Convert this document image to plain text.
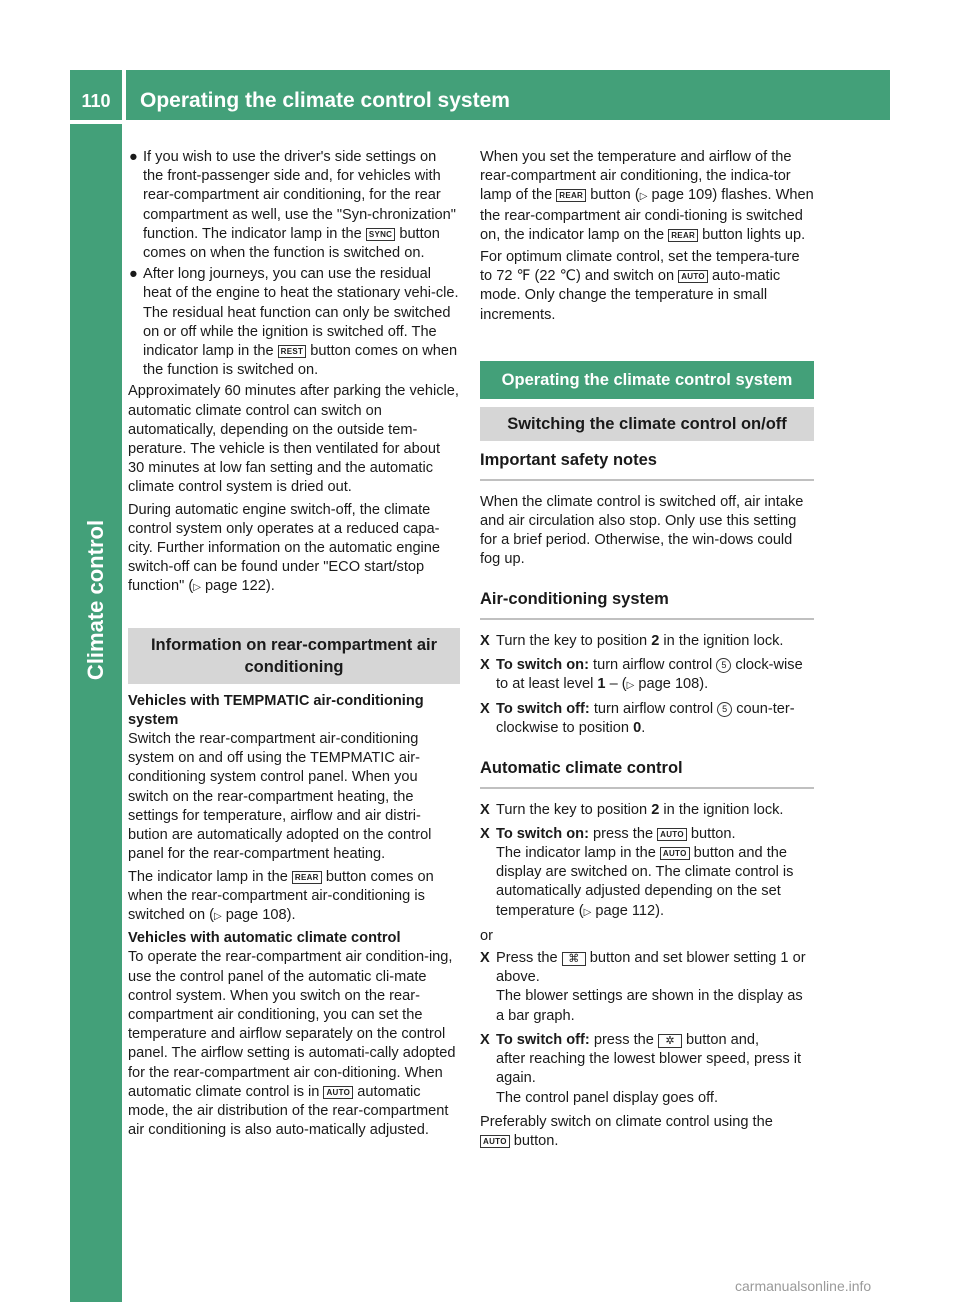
110	Operating the climate control system
Climate control
● If you wish to use the driver's side settings on the front-passenger side and, for vehicles with rear-compartment air conditioning, for the rear compartment as well, use the "Syn-chronization" function. The indicator lamp in the SYNC button comes on when the function is switched on.
● After long journeys, you can use the residual heat of the engine to heat the stationary vehi-cle. The residual heat function can only be switched on or off while the ignition is switched off. The indicator lamp in the REST button comes on when the function is switched on.

Approximately 60 minutes after parking the vehicle, automatic climate control can switch on automatically, depending on the outside tem-perature. The vehicle is then ventilated for about 30 minutes at low fan setting and the automatic climate control system is dried out.

During automatic engine switch-off, the climate control system only operates at a reduced capa-city. Further information on the automatic engine switch-off can be found under "ECO start/stop function" (▷ page 122).

Information on rear-compartment air conditioning

Vehicles with TEMPMATIC air-conditioning system

Switch the rear-compartment air-conditioning system on and off using the TEMPMATIC air-conditioning system control panel. When you switch on the rear-compartment heating, the settings for temperature, airflow and air distri-bution are automatically adopted on the control panel for the rear-compartment heating.

The indicator lamp in the REAR button comes on when the rear-compartment air-conditioning is switched on (▷ page 108).

Vehicles with automatic climate control

To operate the rear-compartment air condition-ing, use the control panel of the automatic cli-mate control system. When you switch on the rear-compartment air conditioning, you can set the temperature and airflow separately on the control panel. The airflow setting is automati-cally adopted for the rear-compartment air con-ditioning. When automatic climate control is in AUTO automatic mode, the air distribution of the rear-compartment air conditioning is also auto-matically adjusted.

When you set the temperature and airflow of the rear-compartment air conditioning, the indica-tor lamp of the REAR button (▷ page 109) flashes. When the rear-compartment air condi-tioning is switched on, the indicator lamp on the REAR button lights up.

For optimum climate control, set the tempera-ture to 72 ℉ (22 ℃) and switch on AUTO auto-matic mode. Only change the temperature in small increments.

Operating the climate control system
Switching the climate control on/off
Important safety notes

When the climate control is switched off, air intake and air circulation also stop. Only use this setting for a brief period. Otherwise, the win-dows could fog up.

Air-conditioning system
X Turn the key to position 2 in the ignition lock.
X To switch on: turn airflow control 5 clock-wise to at least level 1 – (▷ page 108).
X To switch off: turn airflow control 5 coun-ter-clockwise to position 0.
Automatic climate control
X Turn the key to position 2 in the ignition lock.
X To switch on: press the AUTO button.
The indicator lamp in the AUTO button and the display are switched on. The climate control is automatically adjusted depending on the set temperature (▷ page 112).

or

X Press the ⌘ button and set blower setting 1 or above.
The blower settings are shown in the display as a bar graph.
X To switch off: press the ✲ button and,
after reaching the lowest blower speed, press it again.
The control panel display goes off.

Preferably switch on climate control using the
AUTO button.

carmanualsonline.info
